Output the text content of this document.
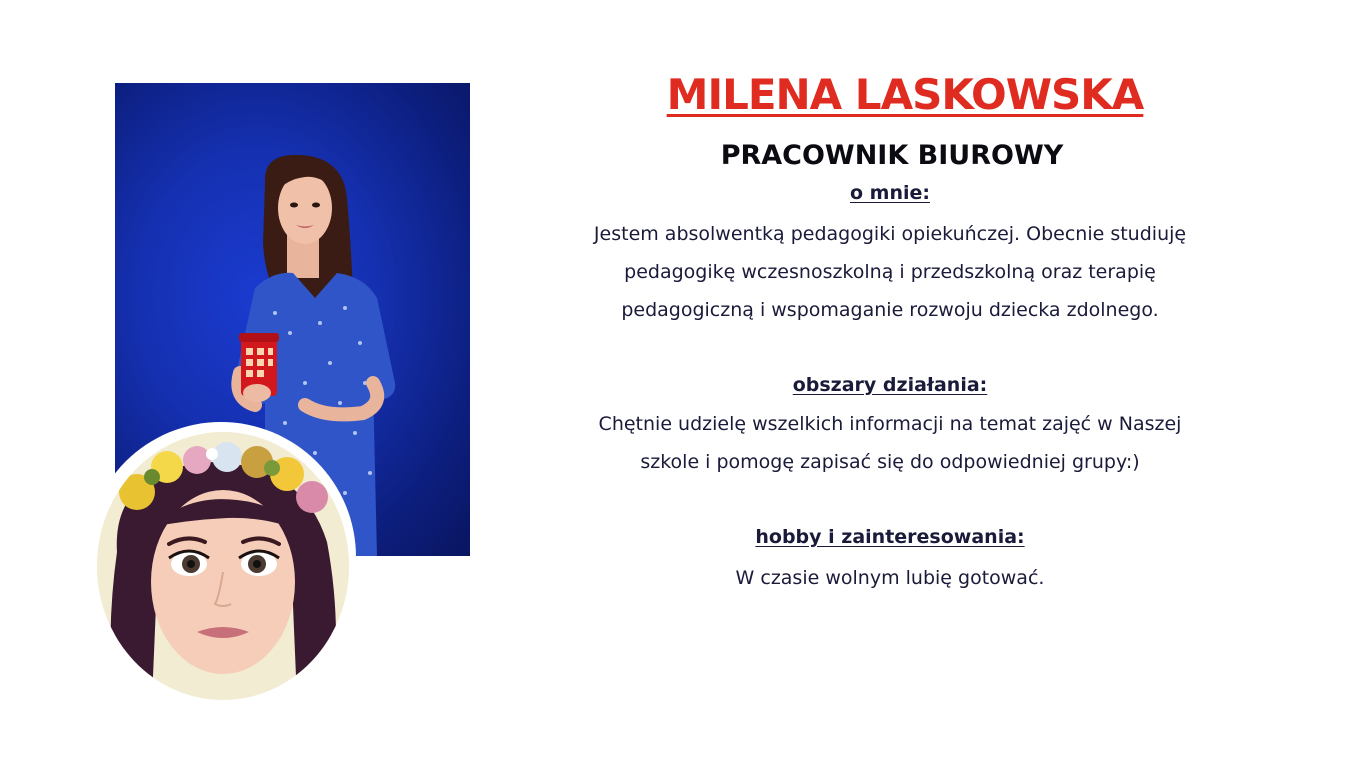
MILENA LASKOWSKA
PRACOWNIK BIUROWY
o mnie:
Jestem absolwentką pedagogiki opiekuńczej. Obecnie studiuję
pedagogikę wczesnoszkolną i przedszkolną oraz terapię
pedagogiczną i wspomaganie rozwoju dziecka zdolnego.
obszary działania:
Chętnie udzielę wszelkich informacji na temat zajęć w Naszej
szkole i pomogę zapisać się do odpowiedniej grupy:)
hobby i zainteresowania:
W czasie wolnym lubię gotować.
